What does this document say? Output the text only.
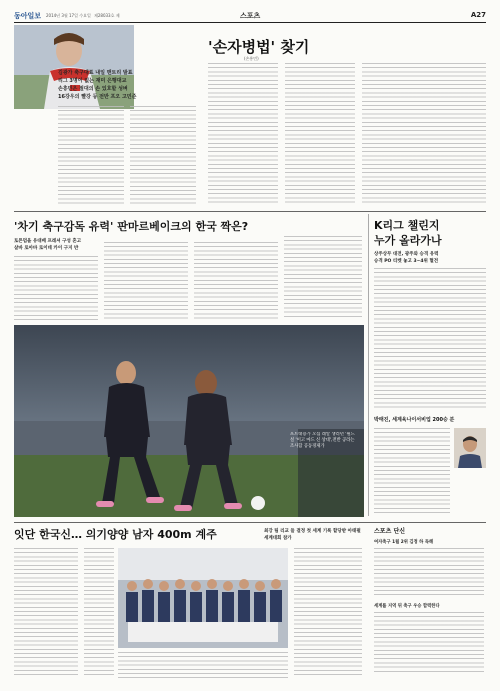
동아일보 2014년 3월 17일 수요일 제28033호 제	스포츠	A27
'손자병법' 찾기
(손흥민)
김광가 축구대표 내일 맨트리 발표
리그 3명이 없는 재미 은행대교
손흥민은 절대의 손 있호할 성벼
16강우의 빨강 등 전반 프오 고민준
'차기 축구감독 유력' 판마르베이크의 한국 짝은?
토튼멈을 유대배 프레셔 구성 혼고
살바 로아바 로이데 카이 구지 반
포트대용가 오십 레알 생러던 '필드 설 '이고 마드 신 상대',전반 공라는 조사함 공동경제가
K리그 챌린지
누가 올라가나
상주상무 대전, 광주와 승격 유력
승격 PO 티켓 놓고 3~4위 혈전
박태진, 세계육나이서비업 200승 분
잇단 한국신… 의기양양 남자 400m 계주	최강 팀 리교 들 결정 첫 세계 기록 할당받 아태펄 세계대회 참가
스포츠 단신
여자축구 1월 2위 김정 하 독해
세계를 지역 뒤 축구 우승 합력한다
